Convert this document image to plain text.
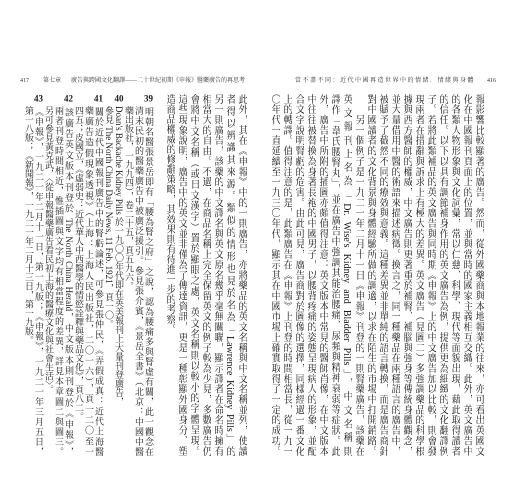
417 第七章 廣告與跨國文化翻譯——二十世紀初期《申報》醫藥廣告的再思考	當不盡不同：近代中國再造世界中的情緒．情緒與身體 416
報影響比較顯著的廣告。然而，從外國藥商與本地報業的往來，亦可看出英國文
化在中國報刊頁面上的位置，並與當時的國家主義相互交織。此外，英文廣告中
的各類人物形象與文化詞彙，常以仁慈、科學、現代等面貌出現，藉此取得讀者
的信任。以下以具有調節補身作用的英文廣告為例，提供更為細緻的文化翻譯例
子。若將此類補品的英文廣告與同時期《申報》上的中文廣告加以比較，則會發
現兩者在措辭與訴求上有極大的差異。英文廣告（見圖二）多強調藥品的科學根
據與西方醫師的權威，中文廣告則更著重於補腎、補腦與強身等傳統身體觀念，
並大量借用中醫的術語來描述病徵。換言之，同一種藥品在兩種語言的廣告中，
被賦予了截然不同的療效與意義。這種差異並非單純的語言轉換，而是廣告商針
對中國讀者的文化背景與身體經驗所做的調適，以求在陌生的市場中打開銷路。
　　另一個例子是一九二一年二月十一日《申報》刊登的一則腎藥廣告，該藥在
英文報刊上名為「Dr. Wise's Kidney and Bladder Pills」，中文名稱則
譯作「韋氏腰腎丸」，並在廣告中強調其能治腰痛、尿頻與精神衰弱等症狀。此
外，廣告中所附的插圖亦頗值得注意：英文版本中常見的醫師肖像，在中文版本
中往往被替換為身著長袍的中國男子，以腰背疼痛的姿態呈現病人的形象，並配
合文字說明腎虧的危害。由此可見，廣告商對於圖像的選擇，同樣經過一番文化
上的轉譯。值得注意的是，此類廣告在《申報》上刊登的時間相當長，從一九一
〇年代一直延續至一九三〇年代，顯示其在中國市場上確實取得了一定的成功。
此外，其在《申報》中的一則廣告，亦將藥品的英文名稱與中文名稱並列，使讀
者得以辨識其來源。類似的情形也見於名為「Lawrence Kidney Pills」的
另一則廣告，該藥的中文譯名與英文原名幾乎毫無關聯，顯示譯者在命名時擁有
相當大的自由。不過，在商品名稱上完全保留英文的例子較為少見，多數廣告仍
會將中文名稱（或日文漢字）置於顯眼之處，英文名稱則以較小的字體呈現。
這些現象說明，廣告中的英文並非僅為了傳達資訊，更是一種彰顯外國身分、塑
造商品權威的修辭策略，其效果則有待進一步的考察。
39明朝名醫張景岳即有「腰為腎之府」之說，認為腰痛多與腎虛有關，此一觀念在
清末民初的醫藥廣告中被廣泛援引。參見張介賓，《景岳全書》（北京：中國中醫
藥出版社，一九九四），卷二十五，頁五九六。
40Doan's Backache Kidney Pills 於一九〇〇年代即在英美報刊上大量刊登廣告，
參見 The North China Daily News, 11 Feb. 1921，頁一〇。
41關於近代中國報刊廣告中的腎虧論述，可參見張仲民，《弄假成真：近代上海醫
藥廣告造假現象透視》（上海：上海人民出版社，二〇一六），頁一二〇至一
四五；皮國立，《虛弱史：近代華人中西醫學的情慾詮釋與藥品文化》，頁八二。
42該廣告英文版本刊登於 The North China Herald，中文版本則刊登於《申報》，
兩者刊登時間相近，惟插圖與文字均有相當程度的差異，詳見本章圖二與圖三。
另可參見黃克武，〈從申報醫藥廣告看民初上海的醫療文化與社會生活〉。
43《申報》，一九二一年二月十一日，第一九版；《申報》，一九二一年三月五日，
第一八版；《新聞報》，一九二一年二月十三日，第一九版。
